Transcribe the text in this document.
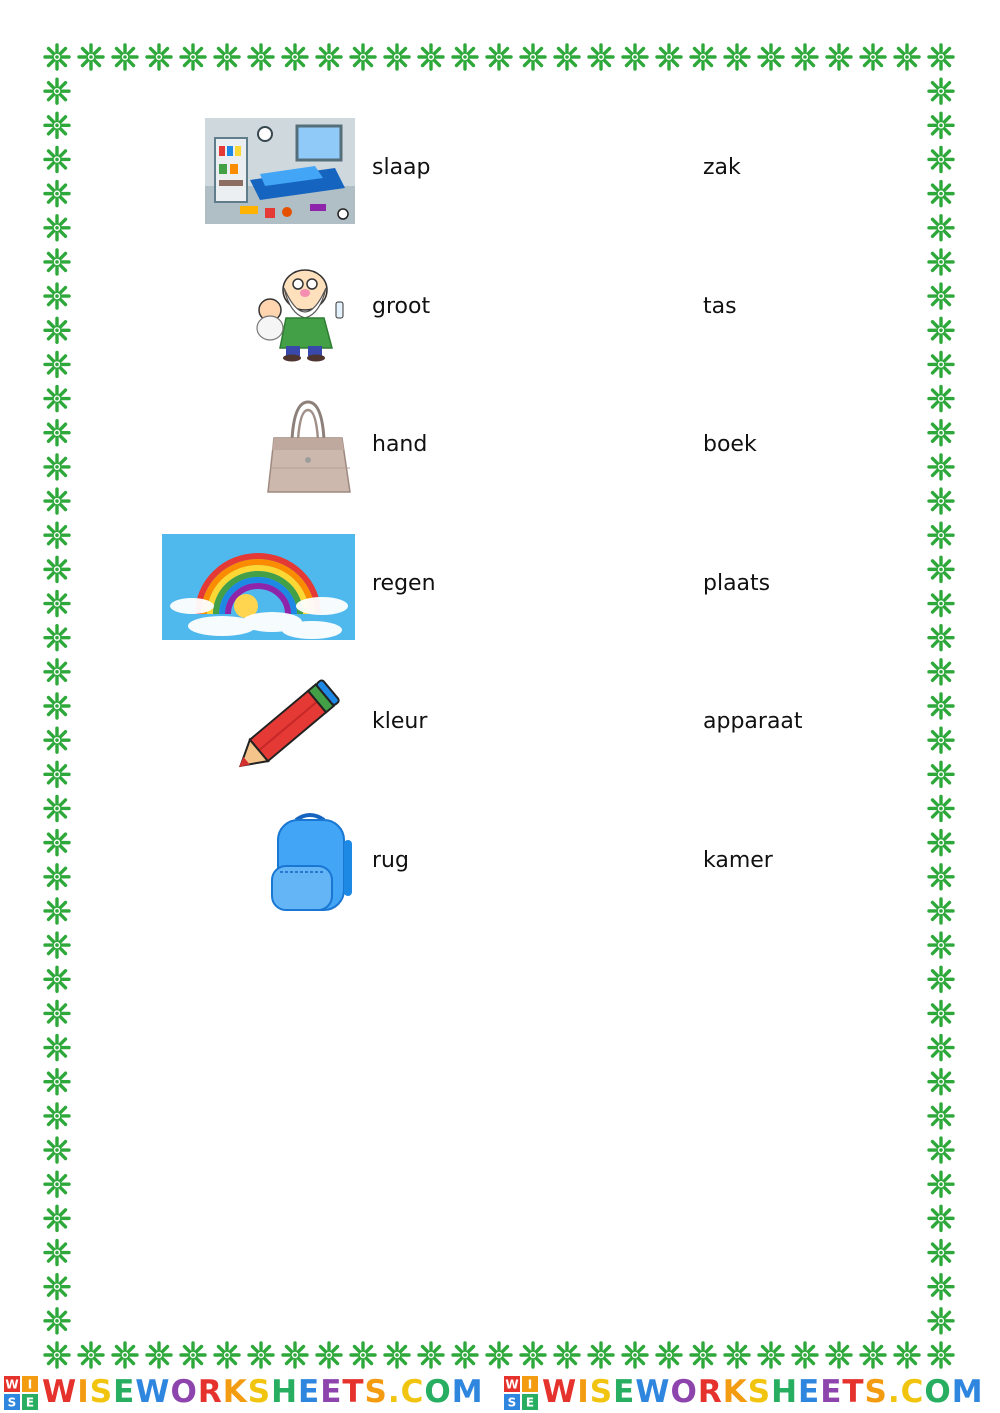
slaap	zak
groot	tas
hand	boek
regen	plaats
kleur	apparaat
rug	kamer
W I
S E WISEWORKSHEETS.COM W I
S E WISEWORKSHEETS.COM
